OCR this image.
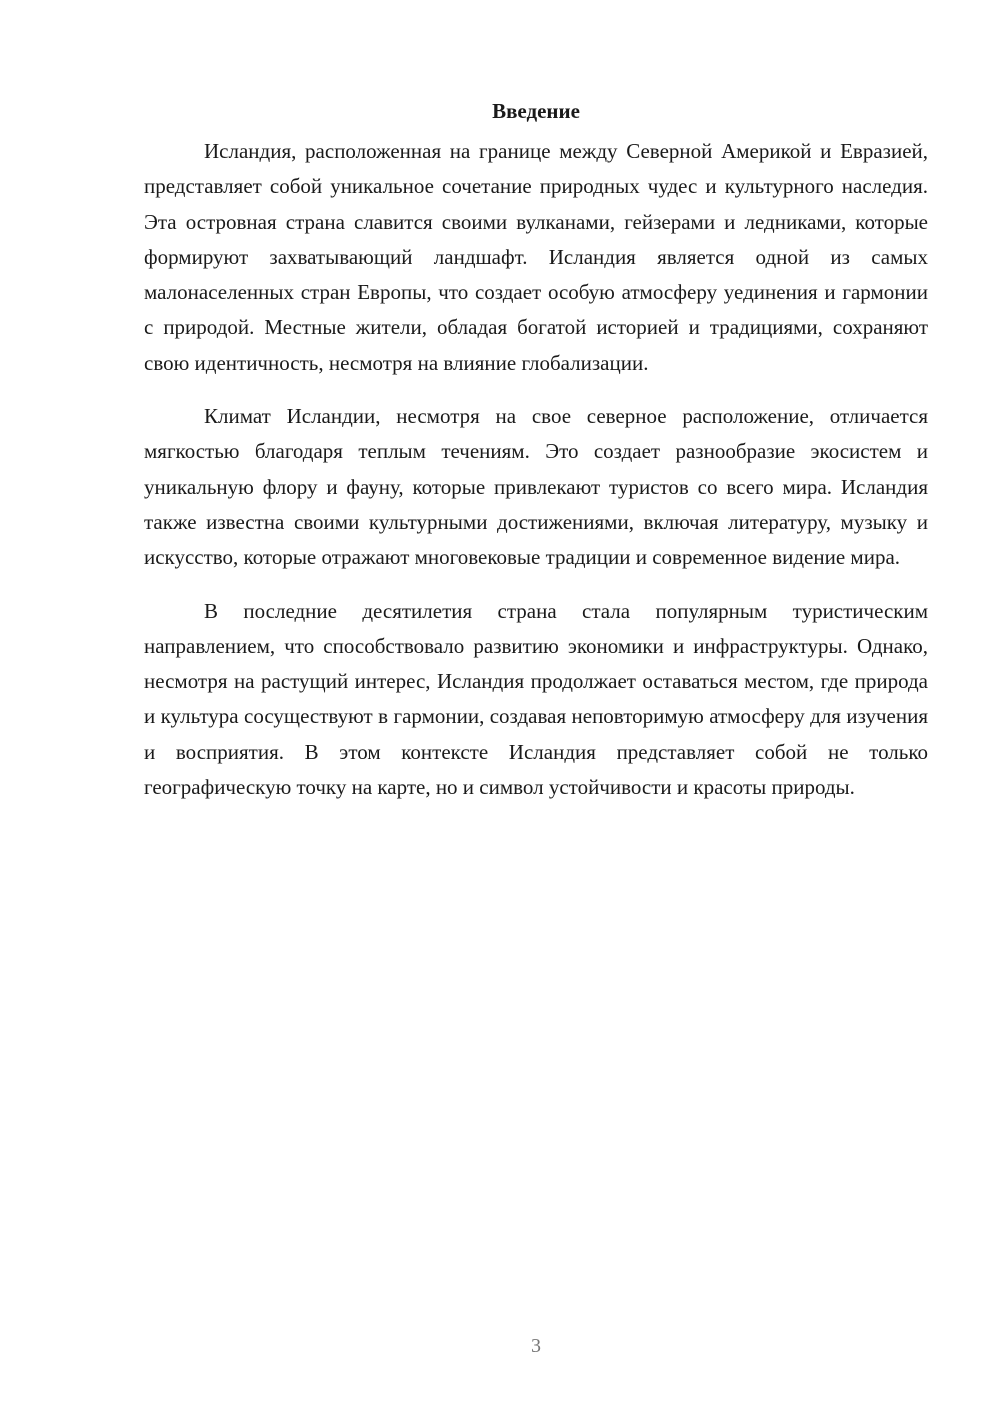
Введение

Исландия, расположенная на границе между Северной Америкой и Евразией, представляет собой уникальное сочетание природных чудес и культурного наследия. Эта островная страна славится своими вулканами, гейзерами и ледниками, которые формируют захватывающий ландшафт. Исландия является одной из самых малонаселенных стран Европы, что создает особую атмосферу уединения и гармонии с природой. Местные жители, обладая богатой историей и традициями, сохраняют свою идентичность, несмотря на влияние глобализации.

Климат Исландии, несмотря на свое северное расположение, отличается мягкостью благодаря теплым течениям. Это создает разнообразие экосистем и уникальную флору и фауну, которые привлекают туристов со всего мира. Исландия также известна своими культурными достижениями, включая литературу, музыку и искусство, которые отражают многовековые традиции и современное видение мира.

В последние десятилетия страна стала популярным туристическим направлением, что способствовало развитию экономики и инфраструктуры. Однако, несмотря на растущий интерес, Исландия продолжает оставаться местом, где природа и культура сосуществуют в гармонии, создавая неповторимую атмосферу для изучения и восприятия. В этом контексте Исландия представляет собой не только географическую точку на карте, но и символ устойчивости и красоты природы.

3
